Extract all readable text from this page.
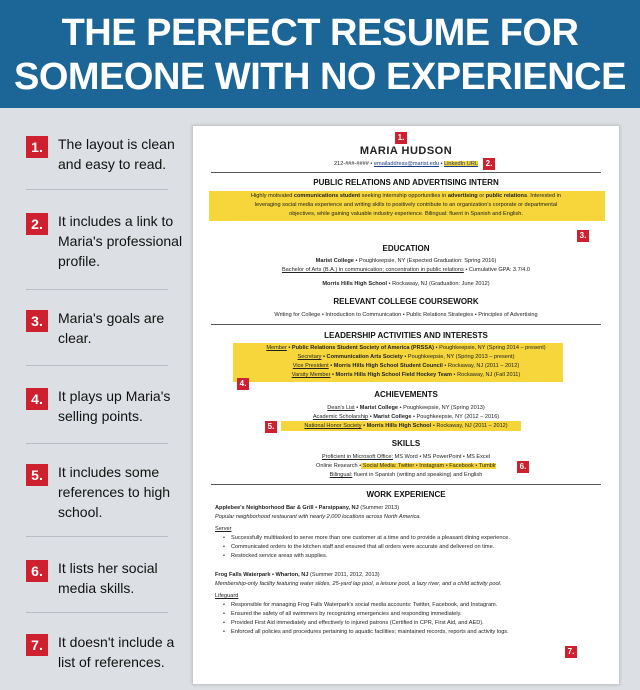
THE PERFECT RESUME FOR
SOMEONE WITH NO EXPERIENCE
1.	The layout is clean and easy to read.
2.	It includes a link to Maria's professional profile.
3.	Maria's goals are clear.
4.	It plays up Maria's selling points.
5.	It includes some references to high school.
6.	It lists her social media skills.
7.	It doesn't include a list of references.
1.
MARIA HUDSON
2.
212-###-#### • emailaddress@marist.edu • LinkedIn URL
PUBLIC RELATIONS AND ADVERTISING INTERN
Highly motivated communications student seeking internship opportunities in advertising or public relations. Interested in
leveraging social media experience and writing skills to positively contribute to an organization's corporate or departmental
objectives, while gaining valuable industry experience. Bilingual: fluent in Spanish and English.
3.
EDUCATION
Marist College • Poughkeepsie, NY (Expected Graduation: Spring 2016)
Bachelor of Arts (B.A.) in communication; concentration in public relations • Cumulative GPA: 3.7/4.0
Morris Hills High School • Rockaway, NJ (Graduation: June 2012)
RELEVANT COLLEGE COURSEWORK
Writing for College • Introduction to Communication • Public Relations Strategies • Principles of Advertising
LEADERSHIP ACTIVITIES AND INTERESTS
Member • Public Relations Student Society of America (PRSSA) • Poughkeepsie, NY (Spring 2014 – present)
Secretary • Communication Arts Society • Poughkeepsie, NY (Spring 2013 – present)
Vice President • Morris Hills High School Student Council • Rockaway, NJ (2011 – 2012)
Varsity Member • Morris Hills High School Field Hockey Team • Rockaway, NJ (Fall 2011)
4.
ACHIEVEMENTS
Dean's List • Marist College • Poughkeepsie, NY (Spring 2013)
Academic Scholarship • Marist College • Poughkeepsie, NY (2012 – 2016)
5.	National Honor Society • Morris Hills High School • Rockaway, NJ (2011 – 2012)
SKILLS
Proficient in Microsoft Office: MS Word • MS PowerPoint • MS Excel
Online Research • Social Media: Twitter • Instagram • Facebook • Tumblr	6.
Bilingual: fluent in Spanish (writing and speaking) and English
WORK EXPERIENCE
Applebee's Neighborhood Bar & Grill • Parsippany, NJ (Summer 2013)
Popular neighborhood restaurant with nearly 2,000 locations across North America.
Server
• Successfully multitasked to serve more than one customer at a time and to provide a pleasant dining experience.
• Communicated orders to the kitchen staff and ensured that all orders were accurate and delivered on time.
• Restocked service areas with supplies.
Frog Falls Waterpark • Wharton, NJ (Summer 2011, 2012, 2013)
Membership-only facility featuring water slides, 25-yard lap pool, a leisure pool, a lazy river, and a child activity pool.
Lifeguard
• Responsible for managing Frog Falls Waterpark's social media accounts: Twitter, Facebook, and Instagram.
• Ensured the safety of all swimmers by recognizing emergencies and responding immediately.
• Provided First Aid immediately and effectively to injured patrons (Certified in CPR, First Aid, and AED).
• Enforced all policies and procedures pertaining to aquatic facilities; maintained records, reports and activity logs.
7.
